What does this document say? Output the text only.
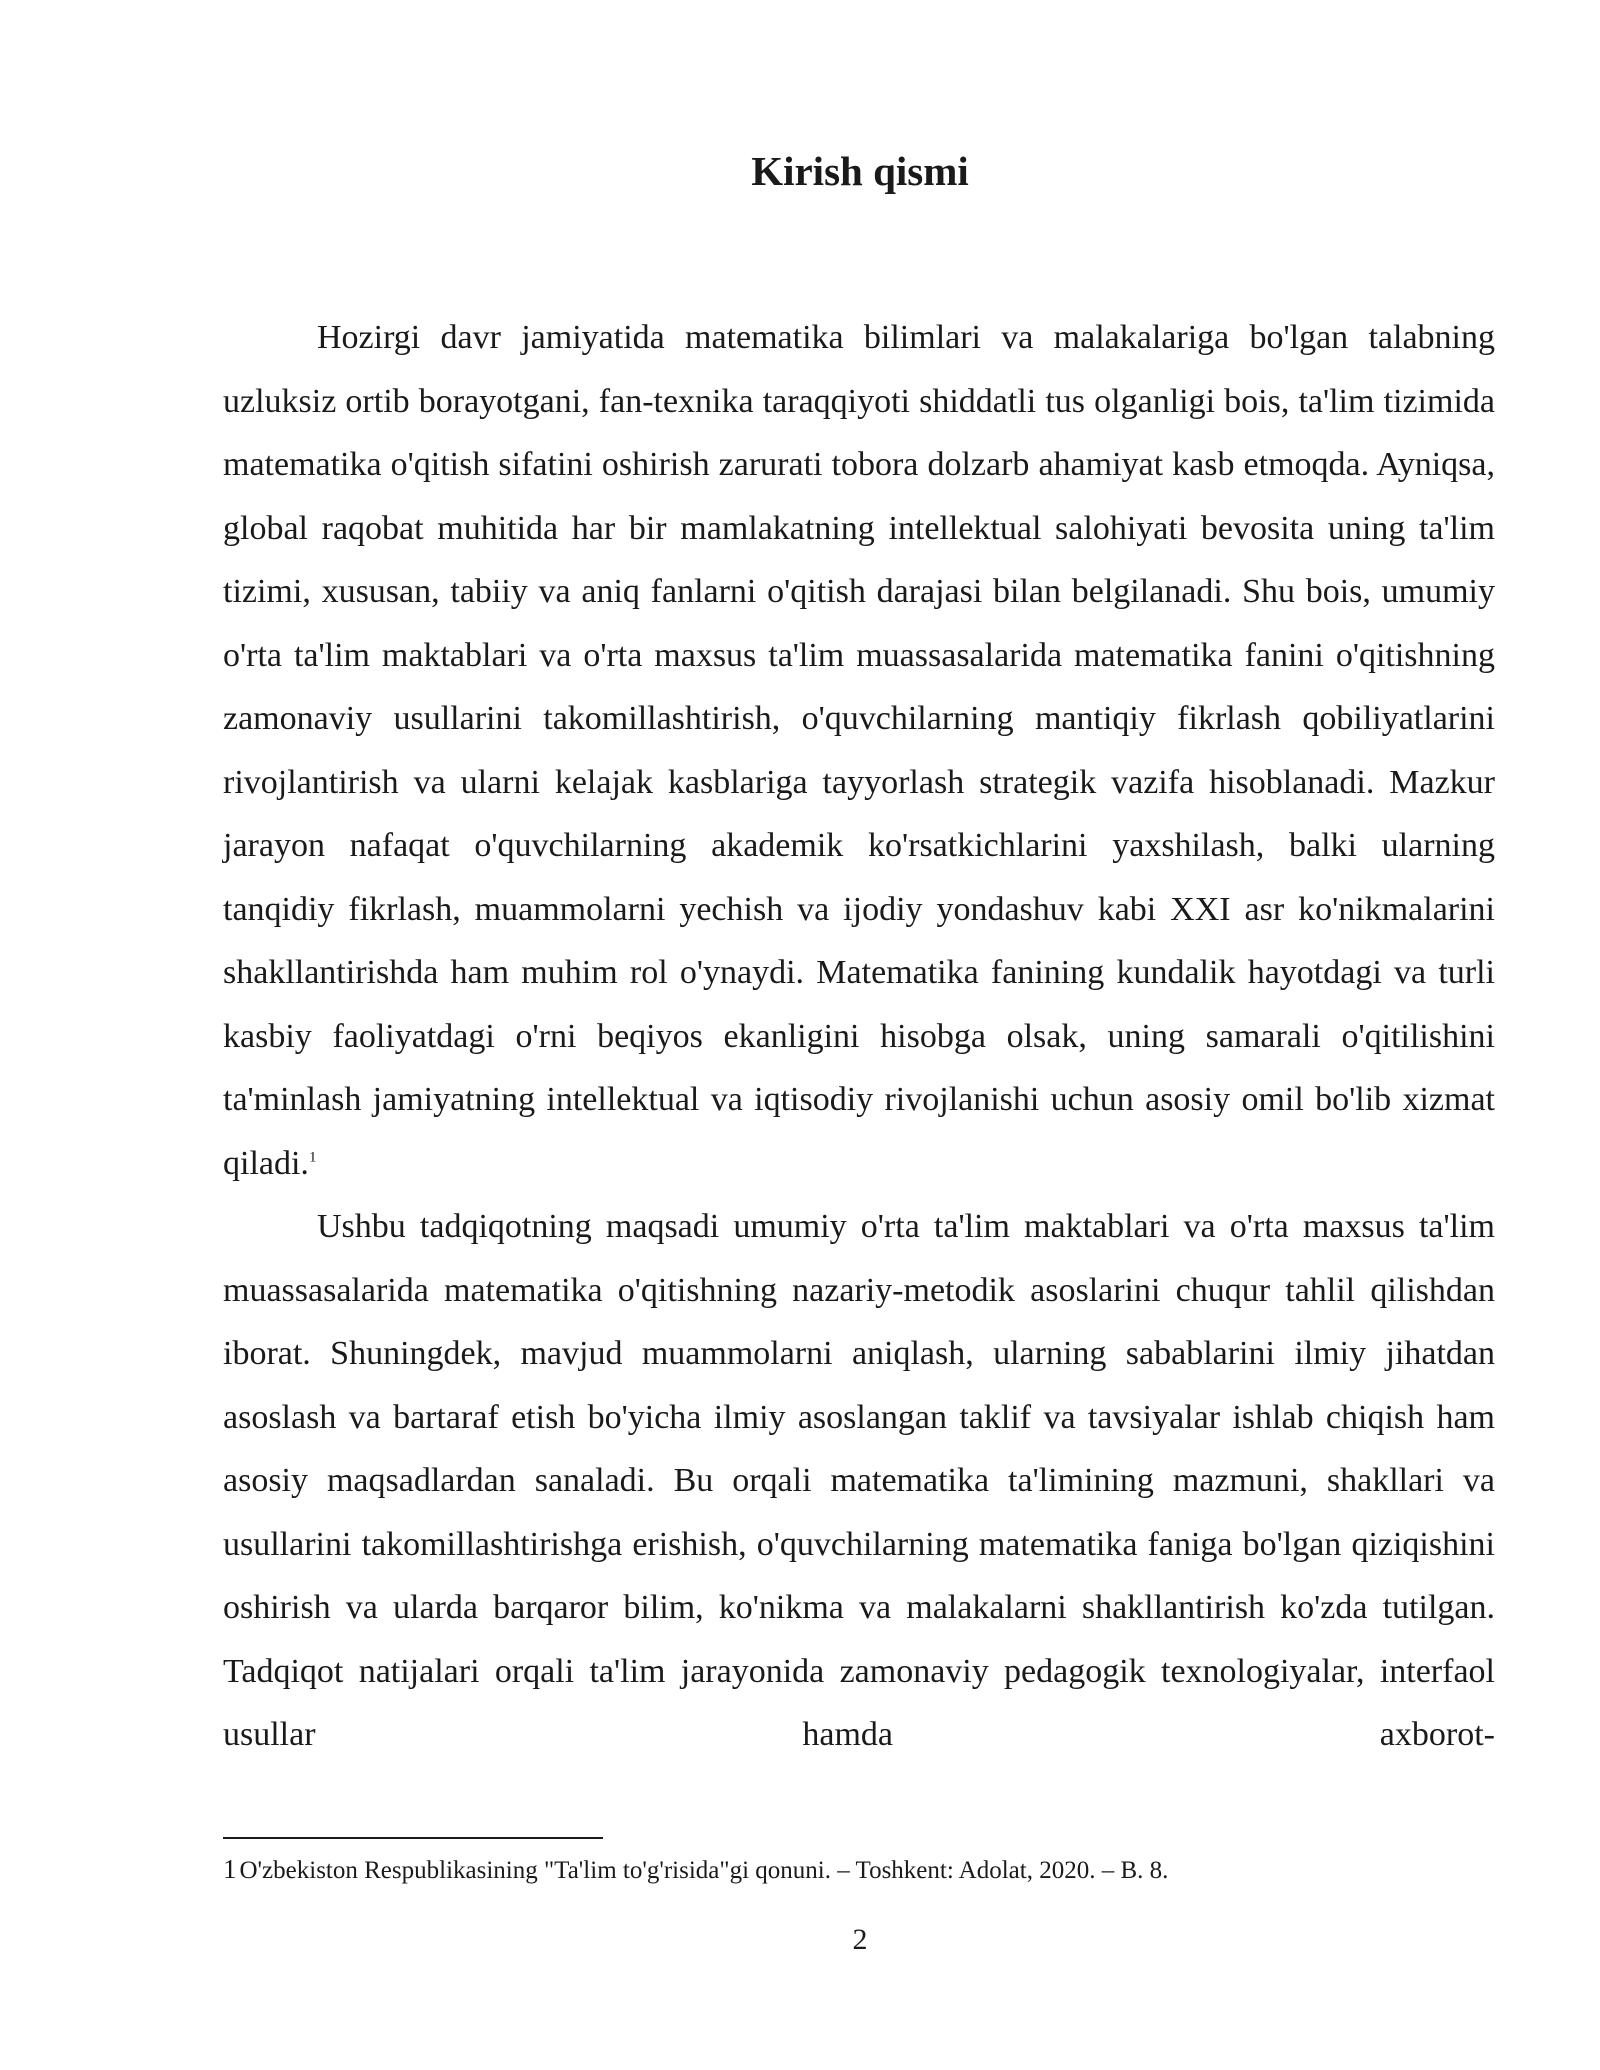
Kirish qismi

Hozirgi davr jamiyatida matematika bilimlari va malakalariga bo'lgan talabning uzluksiz ortib borayotgani, fan-texnika taraqqiyoti shiddatli tus olganligi bois, ta'lim tizimida matematika o'qitish sifatini oshirish zarurati tobora dolzarb ahamiyat kasb etmoqda. Ayniqsa, global raqobat muhitida har bir mamlakatning intellektual salohiyati bevosita uning ta'lim tizimi, xususan, tabiiy va aniq fanlarni o'qitish darajasi bilan belgilanadi. Shu bois, umumiy o'rta ta'lim maktablari va o'rta maxsus ta'lim muassasalarida matematika fanini o'qitishning zamonaviy usullarini takomillashtirish, o'quvchilarning mantiqiy fikrlash qobiliyatlarini rivojlantirish va ularni kelajak kasblariga tayyorlash strategik vazifa hisoblanadi. Mazkur jarayon nafaqat o'quvchilarning akademik ko'rsatkichlarini yaxshilash, balki ularning tanqidiy fikrlash, muammolarni yechish va ijodiy yondashuv kabi XXI asr ko'nikmalarini shakllantirishda ham muhim rol o'ynaydi. Matematika fanining kundalik hayotdagi va turli kasbiy faoliyatdagi o'rni beqiyos ekanligini hisobga olsak, uning samarali o'qitilishini ta'minlash jamiyatning intellektual va iqtisodiy rivojlanishi uchun asosiy omil bo'lib xizmat qiladi.$^1$

Ushbu tadqiqotning maqsadi umumiy o'rta ta'lim maktablari va o'rta maxsus ta'lim muassasalarida matematika o'qitishning nazariy-metodik asoslarini chuqur tahlil qilishdan iborat. Shuningdek, mavjud muammolarni aniqlash, ularning sabablarini ilmiy jihatdan asoslash va bartaraf etish bo'yicha ilmiy asoslangan taklif va tavsiyalar ishlab chiqish ham asosiy maqsadlardan sanaladi. Bu orqali matematika ta'limining mazmuni, shakllari va usullarini takomillashtirishga erishish, o'quvchilarning matematika faniga bo'lgan qiziqishini oshirish va ularda barqaror bilim, ko'nikma va malakalarni shakllantirish ko'zda tutilgan. Tadqiqot natijalari orqali ta'lim jarayonida zamonaviy pedagogik texnologiyalar, interfaol usullar hamda axborot-

1 O'zbekiston Respublikasining "Ta'lim to'g'risida"gi qonuni. – Toshkent: Adolat, 2020. – B. 8.

2
